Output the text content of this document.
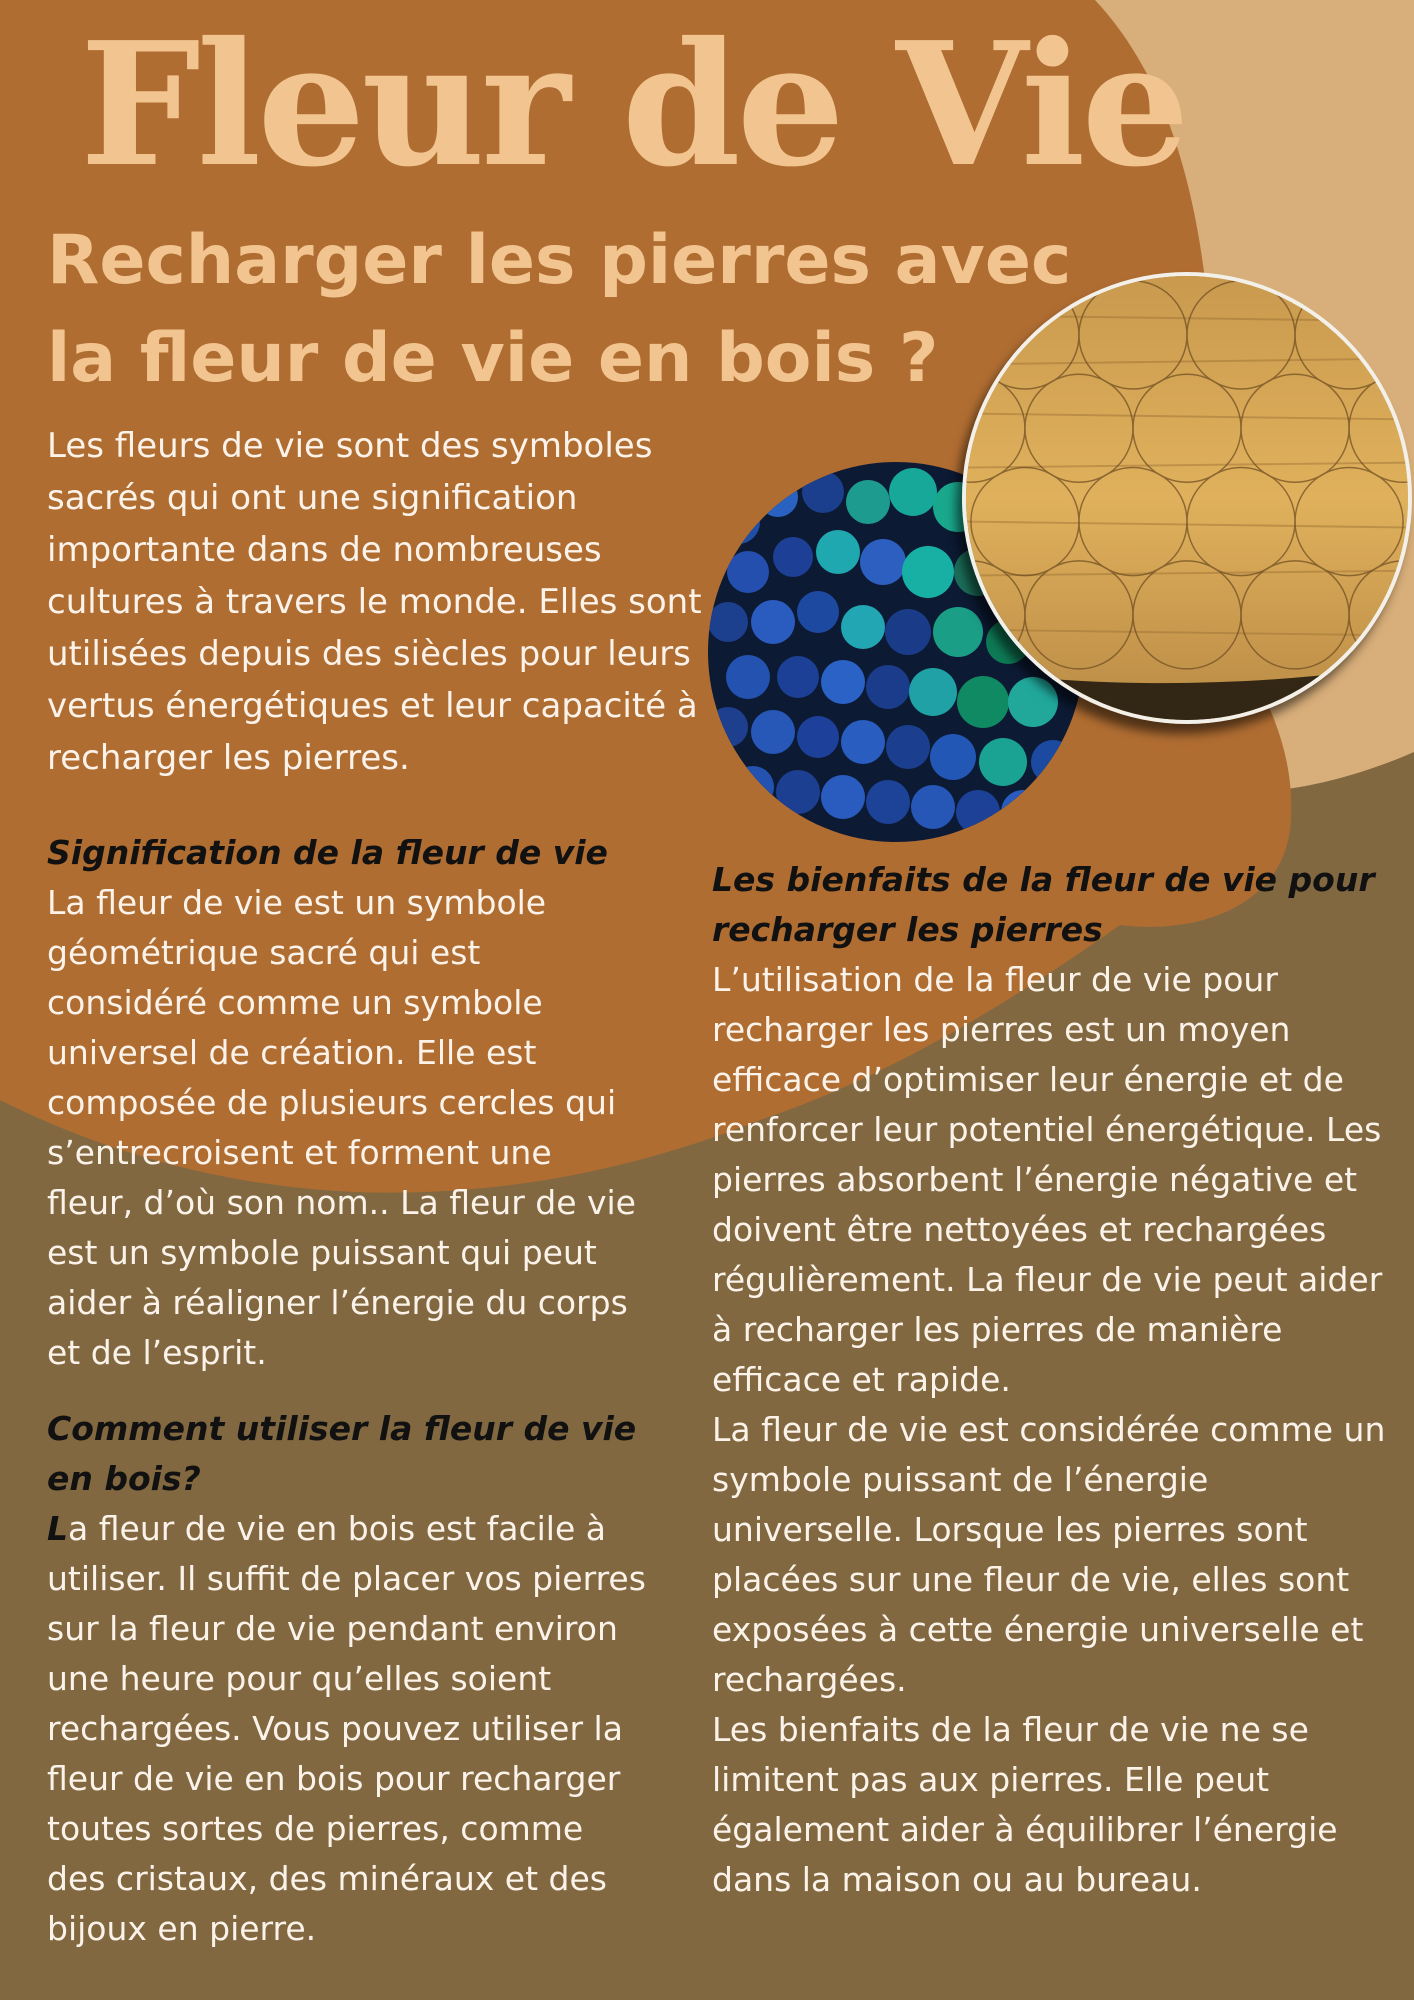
Fleur de Vie
Recharger les pierres avec la fleur de vie en bois ?

Les fleurs de vie sont des symboles sacrés qui ont une signification importante dans de nombreuses cultures à travers le monde. Elles sont utilisées depuis des siècles pour leurs vertus énergétiques et leur capacité à recharger les pierres.

Signification de la fleur de vie
La fleur de vie est un symbole géométrique sacré qui est considéré comme un symbole universel de création. Elle est composée de plusieurs cercles qui s’entrecroisent et forment une fleur, d’où son nom.. La fleur de vie est un symbole puissant qui peut aider à réaligner l’énergie du corps et de l’esprit.
Comment utiliser la fleur de vie en bois?
La fleur de vie en bois est facile à utiliser. Il suffit de placer vos pierres sur la fleur de vie pendant environ une heure pour qu’elles soient rechargées. Vous pouvez utiliser la fleur de vie en bois pour recharger toutes sortes de pierres, comme des cristaux, des minéraux et des bijoux en pierre.
Les bienfaits de la fleur de vie pour recharger les pierres
L’utilisation de la fleur de vie pour recharger les pierres est un moyen efficace d’optimiser leur énergie et de renforcer leur potentiel énergétique. Les pierres absorbent l’énergie négative et doivent être nettoyées et rechargées régulièrement. La fleur de vie peut aider à recharger les pierres de manière efficace et rapide.
La fleur de vie est considérée comme un symbole puissant de l’énergie universelle. Lorsque les pierres sont placées sur une fleur de vie, elles sont exposées à cette énergie universelle et rechargées.
Les bienfaits de la fleur de vie ne se limitent pas aux pierres. Elle peut également aider à équilibrer l’énergie dans la maison ou au bureau.
